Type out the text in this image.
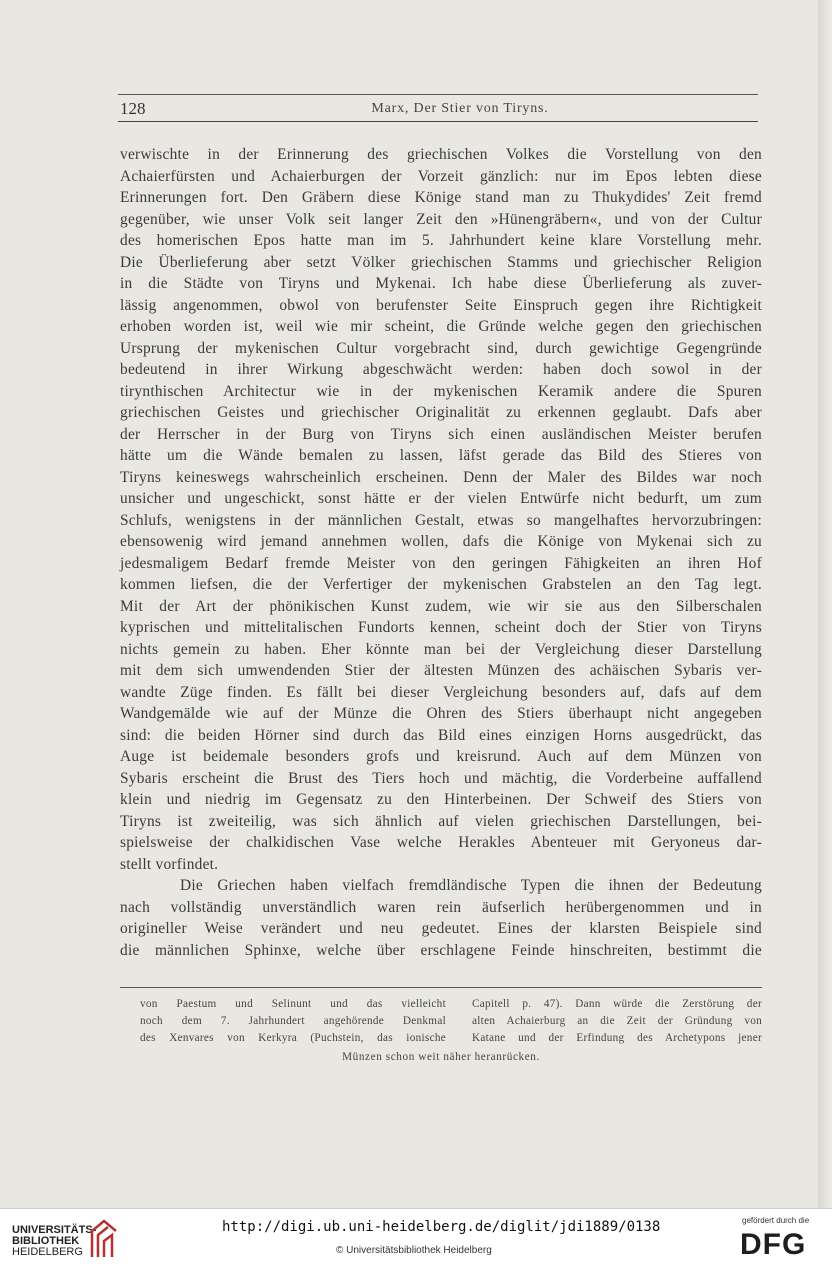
128	Marx, Der Stier von Tiryns.
verwischte in der Erinnerung des griechischen Volkes die Vorstellung von den
Achaierfürsten und Achaierburgen der Vorzeit gänzlich: nur im Epos lebten diese
Erinnerungen fort. Den Gräbern diese Könige stand man zu Thukydides' Zeit fremd
gegenüber, wie unser Volk seit langer Zeit den »Hünengräbern«, und von der Cultur
des homerischen Epos hatte man im 5. Jahrhundert keine klare Vorstellung mehr.
Die Überlieferung aber setzt Völker griechischen Stamms und griechischer Religion
in die Städte von Tiryns und Mykenai. Ich habe diese Überlieferung als zuver-
lässig angenommen, obwol von berufenster Seite Einspruch gegen ihre Richtigkeit
erhoben worden ist, weil wie mir scheint, die Gründe welche gegen den griechischen
Ursprung der mykenischen Cultur vorgebracht sind, durch gewichtige Gegengründe
bedeutend in ihrer Wirkung abgeschwächt werden: haben doch sowol in der
tirynthischen Architectur wie in der mykenischen Keramik andere die Spuren
griechischen Geistes und griechischer Originalität zu erkennen geglaubt. Dafs aber
der Herrscher in der Burg von Tiryns sich einen ausländischen Meister berufen
hätte um die Wände bemalen zu lassen, läfst gerade das Bild des Stieres von
Tiryns keineswegs wahrscheinlich erscheinen. Denn der Maler des Bildes war noch
unsicher und ungeschickt, sonst hätte er der vielen Entwürfe nicht bedurft, um zum
Schlufs, wenigstens in der männlichen Gestalt, etwas so mangelhaftes hervorzubringen:
ebensowenig wird jemand annehmen wollen, dafs die Könige von Mykenai sich zu
jedesmaligem Bedarf fremde Meister von den geringen Fähigkeiten an ihren Hof
kommen liefsen, die der Verfertiger der mykenischen Grabstelen an den Tag legt.
Mit der Art der phönikischen Kunst zudem, wie wir sie aus den Silberschalen
kyprischen und mittelitalischen Fundorts kennen, scheint doch der Stier von Tiryns
nichts gemein zu haben. Eher könnte man bei der Vergleichung dieser Darstellung
mit dem sich umwendenden Stier der ältesten Münzen des achäischen Sybaris ver-
wandte Züge finden. Es fällt bei dieser Vergleichung besonders auf, dafs auf dem
Wandgemälde wie auf der Münze die Ohren des Stiers überhaupt nicht angegeben
sind: die beiden Hörner sind durch das Bild eines einzigen Horns ausgedrückt, das
Auge ist beidemale besonders grofs und kreisrund. Auch auf dem Münzen von
Sybaris erscheint die Brust des Tiers hoch und mächtig, die Vorderbeine auffallend
klein und niedrig im Gegensatz zu den Hinterbeinen. Der Schweif des Stiers von
Tiryns ist zweiteilig, was sich ähnlich auf vielen griechischen Darstellungen, bei-
spielsweise der chalkidischen Vase welche Herakles Abenteuer mit Geryoneus dar-
stellt vorfindet.
Die Griechen haben vielfach fremdländische Typen die ihnen der Bedeutung
nach vollständig unverständlich waren rein äufserlich herübergenommen und in
origineller Weise verändert und neu gedeutet. Eines der klarsten Beispiele sind
die männlichen Sphinxe, welche über erschlagene Feinde hinschreiten, bestimmt die
von Paestum und Selinunt und das vielleicht
noch dem 7. Jahrhundert angehörende Denkmal
des Xenvares von Kerkyra (Puchstein, das ionische
Capitell p. 47). Dann würde die Zerstörung der
alten Achaierburg an die Zeit der Gründung von
Katane und der Erfindung des Archetypons jener
Münzen schon weit näher heranrücken.
UNIVERSITÄTS-
BIBLIOTHEK
HEIDELBERG
http://digi.ub.uni-heidelberg.de/diglit/jdi1889/0138
© Universitätsbibliothek Heidelberg
gefördert durch die
DFG
